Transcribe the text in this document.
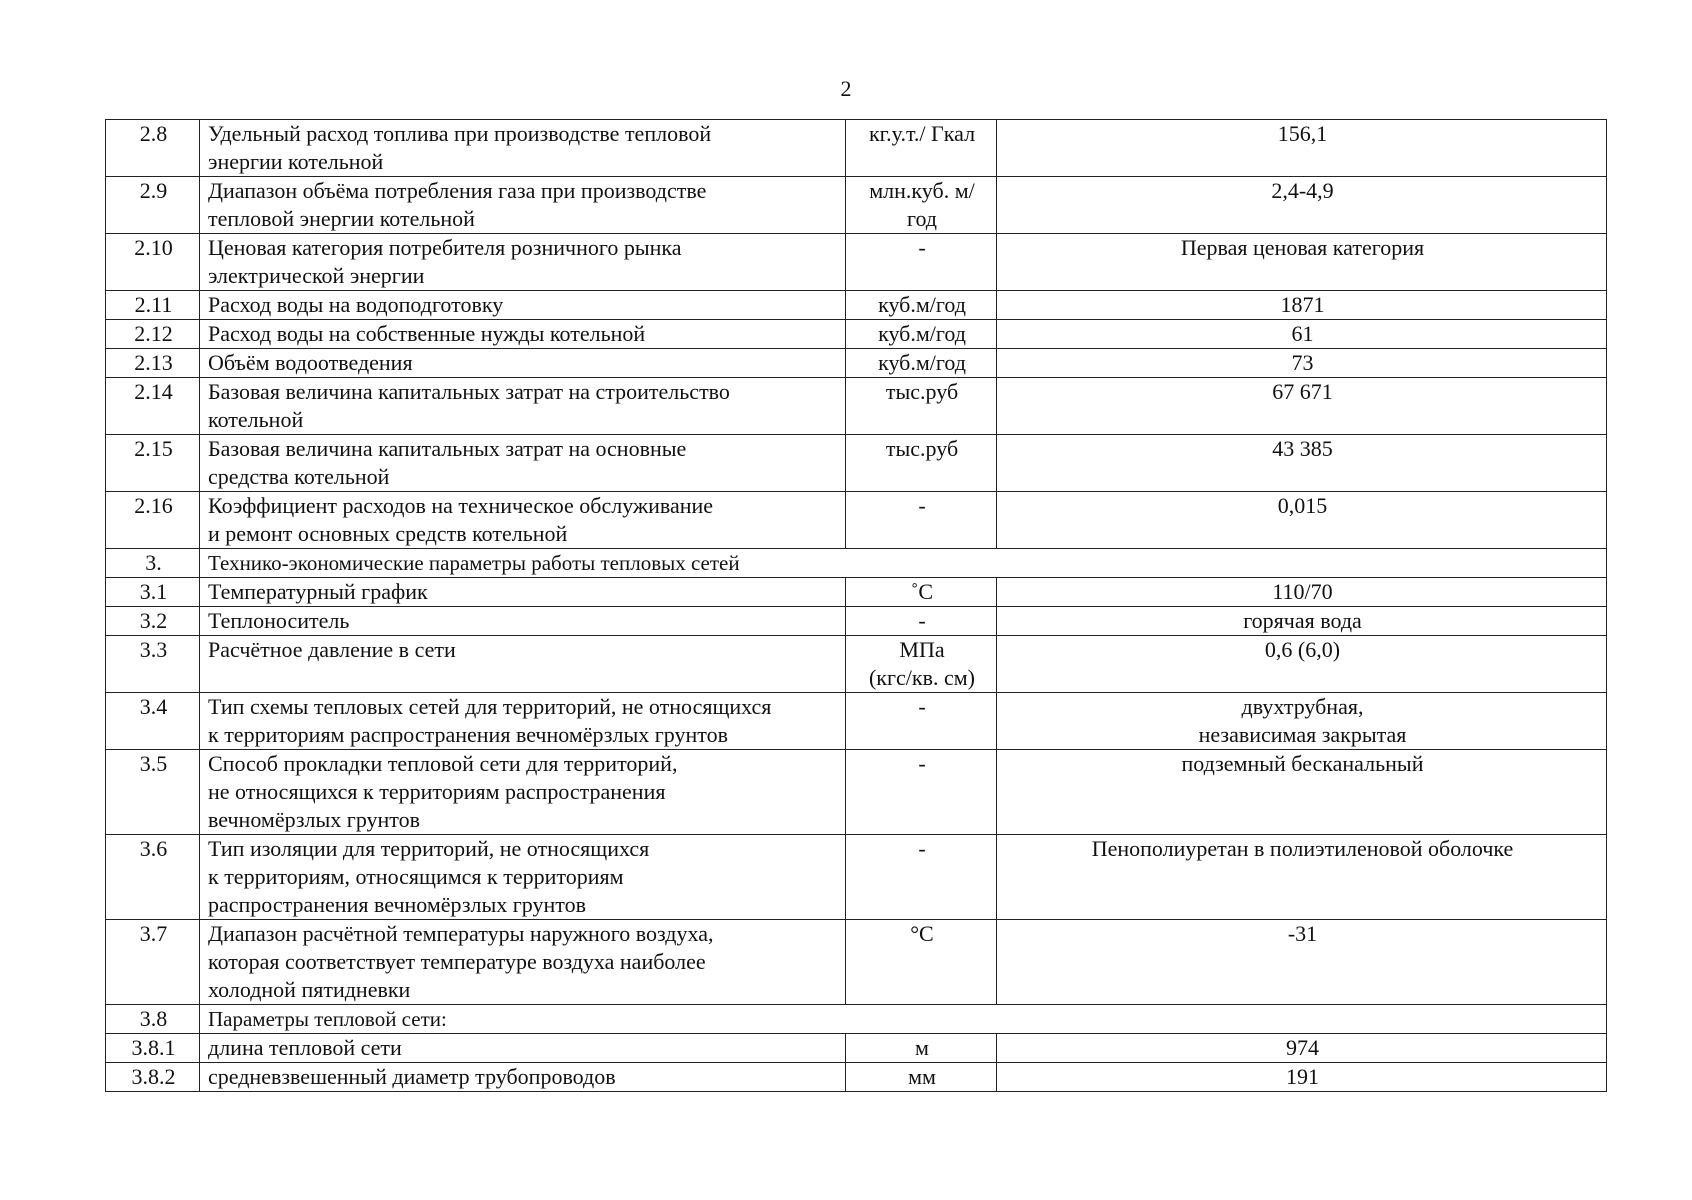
2
2.8	Удельный расход топлива при производстве тепловой
энергии котельной	кг.у.т./ Гкал	156,1

2.9	Диапазон объёма потребления газа при производстве
тепловой энергии котельной	млн.куб. м/
год	2,4-4,9

2.10	Ценовая категория потребителя розничного рынка
электрической энергии	-	Первая ценовая категория

2.11	Расход воды на водоподготовку	куб.м/год	1871

2.12	Расход воды на собственные нужды котельной	куб.м/год	61

2.13	Объём водоотведения	куб.м/год	73

2.14	Базовая величина капитальных затрат на строительство
котельной	тыс.руб	67 671

2.15	Базовая величина капитальных затрат на основные
средства котельной	тыс.руб	43 385

2.16	Коэффициент расходов на техническое обслуживание
и ремонт основных средств котельной	-	0,015

3.	Технико-экономические параметры работы тепловых сетей		
3.1	Температурный график	˚C	110/70

3.2	Теплоноситель	-	горячая вода

3.3	Расчётное давление в сети	МПа
(кгс/кв. см)	0,6 (6,0)

3.4	Тип схемы тепловых сетей для территорий, не относящихся
к территориям распространения вечномёрзлых грунтов	-	двухтрубная,
независимая закрытая

3.5	Способ прокладки тепловой сети для территорий,
не относящихся к территориям распространения
вечномёрзлых грунтов	-	подземный бесканальный

3.6	Тип изоляции для территорий, не относящихся
к территориям, относящимся к территориям
распространения вечномёрзлых грунтов	-	Пенополиуретан в полиэтиленовой оболочке

3.7	Диапазон расчётной температуры наружного воздуха,
которая соответствует температуре воздуха наиболее
холодной пятидневки	°C	-31

3.8	Параметры тепловой сети:		
3.8.1	длина тепловой сети	м	974

3.8.2	средневзвешенный диаметр трубопроводов	мм	191
